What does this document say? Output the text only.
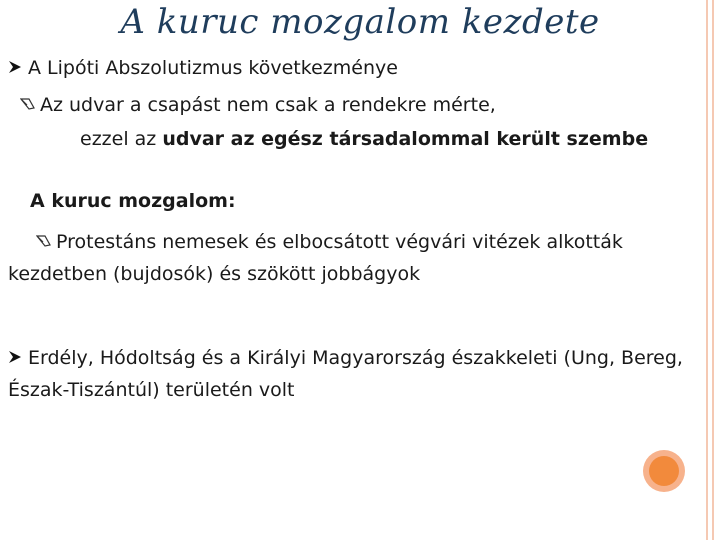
A kuruc mozgalom kezdete
A Lipóti Abszolutizmus következménye
Az udvar a csapást nem csak a rendekre mérte,
ezzel az udvar az egész társadalommal került szembe
A kuruc mozgalom:
Protestáns nemesek és elbocsátott végvári vitézek alkották
kezdetben (bujdosók) és szökött jobbágyok
Erdély, Hódoltság és a Királyi Magyarország északkeleti (Ung, Bereg,
Észak-Tiszántúl) területén volt
